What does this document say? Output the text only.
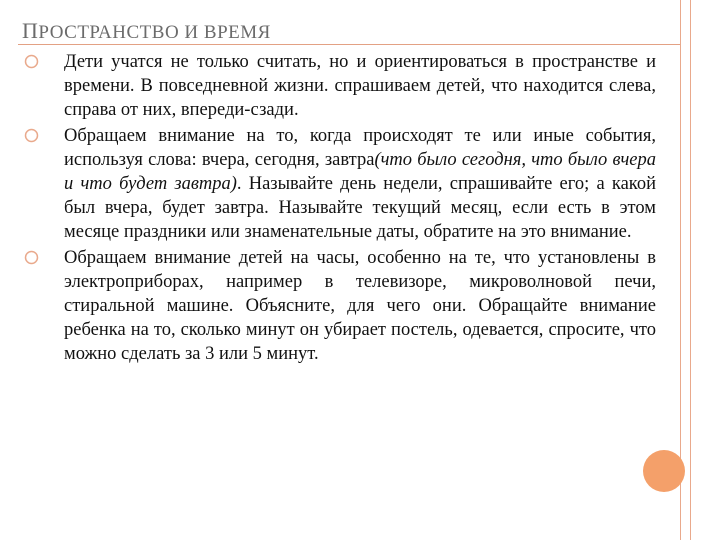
ПРОСТРАНСТВО И ВРЕМЯ
Дети учатся не только считать, но и ориентироваться в пространстве и времени. В повседневной жизни. спрашиваем детей, что находится слева, справа от них, впереди-сзади.
Обращаем внимание на то, когда происходят те или иные события, используя слова: вчера, сегодня, завтра(что было сегодня, что было вчера и что будет завтра). Называйте день недели, спрашивайте его; а какой был вчера, будет завтра. Называйте текущий месяц, если есть в этом месяце праздники или знаменательные даты, обратите на это внимание.
Обращаем внимание детей на часы, особенно на те, что установлены в электроприборах, например в телевизоре, микроволновой печи, стиральной машине. Объясните, для чего они. Обращайте внимание ребенка на то, сколько минут он убирает постель, одевается, спросите, что можно сделать за 3 или 5 минут.
